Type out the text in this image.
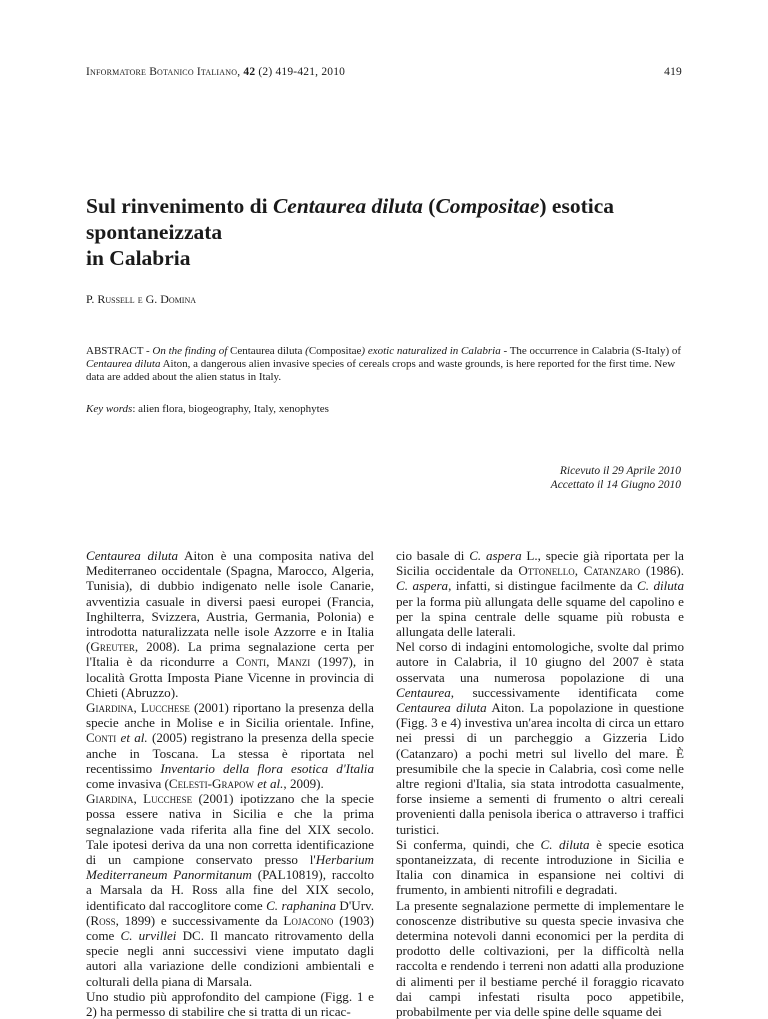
Informatore Botanico Italiano, 42 (2) 419-421, 2010	419
Sul rinvenimento di Centaurea diluta (Compositae) esotica spontaneizzata
in Calabria
P. Russell e G. Domina
ABSTRACT - On the finding of Centaurea diluta (Compositae) exotic naturalized in Calabria - The occurrence in Calabria (S-Italy) of Centaurea diluta Aiton, a dangerous alien invasive species of cereals crops and waste grounds, is here reported for the first time. New data are added about the alien status in Italy.
Key words: alien flora, biogeography, Italy, xenophytes
Ricevuto il 29 Aprile 2010
Accettato il 14 Giugno 2010

Centaurea diluta Aiton è una composita nativa del Mediterraneo occidentale (Spagna, Marocco, Algeria, Tunisia), di dubbio indigenato nelle isole Canarie, avventizia casuale in diversi paesi europei (Francia, Inghilterra, Svizzera, Austria, Germania, Polonia) e introdotta naturalizzata nelle isole Azzorre e in Italia (Greuter, 2008). La prima segnalazione certa per l'Italia è da ricondurre a Conti, Manzi (1997), in località Grotta Imposta Piane Vicenne in provincia di Chieti (Abruzzo).

Giardina, Lucchese (2001) riportano la presenza della specie anche in Molise e in Sicilia orientale. Infine, Conti et al. (2005) registrano la presenza della specie anche in Toscana. La stessa è riportata nel recentissimo Inventario della flora esotica d'Italia come invasiva (Celesti-Grapow et al., 2009).

Giardina, Lucchese (2001) ipotizzano che la specie possa essere nativa in Sicilia e che la prima segnalazione vada riferita alla fine del XIX secolo. Tale ipotesi deriva da una non corretta identificazione di un campione conservato presso l'Herbarium Mediterraneum Panormitanum (PAL10819), raccolto a Marsala da H. Ross alla fine del XIX secolo, identificato dal raccoglitore come C. raphanina D'Urv. (Ross, 1899) e successivamente da Lojacono (1903) come C. urvillei DC. Il mancato ritrovamento della specie negli anni successivi viene imputato dagli autori alla variazione delle condizioni ambientali e colturali della piana di Marsala.

Uno studio più approfondito del campione (Figg. 1 e 2) ha permesso di stabilire che si tratta di un ricac-

cio basale di C. aspera L., specie già riportata per la Sicilia occidentale da Ottonello, Catanzaro (1986). C. aspera, infatti, si distingue facilmente da C. diluta per la forma più allungata delle squame del capolino e per la spina centrale delle squame più robusta e allungata delle laterali.

Nel corso di indagini entomologiche, svolte dal primo autore in Calabria, il 10 giugno del 2007 è stata osservata una numerosa popolazione di una Centaurea, successivamente identificata come Centaurea diluta Aiton. La popolazione in questione (Figg. 3 e 4) investiva un'area incolta di circa un ettaro nei pressi di un parcheggio a Gizzeria Lido (Catanzaro) a pochi metri sul livello del mare. È presumibile che la specie in Calabria, così come nelle altre regioni d'Italia, sia stata introdotta casualmente, forse insieme a sementi di frumento o altri cereali provenienti dalla penisola iberica o attraverso i traffici turistici.

Si conferma, quindi, che C. diluta è specie esotica spontaneizzata, di recente introduzione in Sicilia e Italia con dinamica in espansione nei coltivi di frumento, in ambienti nitrofili e degradati.

La presente segnalazione permette di implementare le conoscenze distributive su questa specie invasiva che determina notevoli danni economici per la perdita di prodotto delle coltivazioni, per la difficoltà nella raccolta e rendendo i terreni non adatti alla produzione di alimenti per il bestiame perché il foraggio ricavato dai campi infestati risulta poco appetibile, probabilmente per via delle spine delle squame dei
